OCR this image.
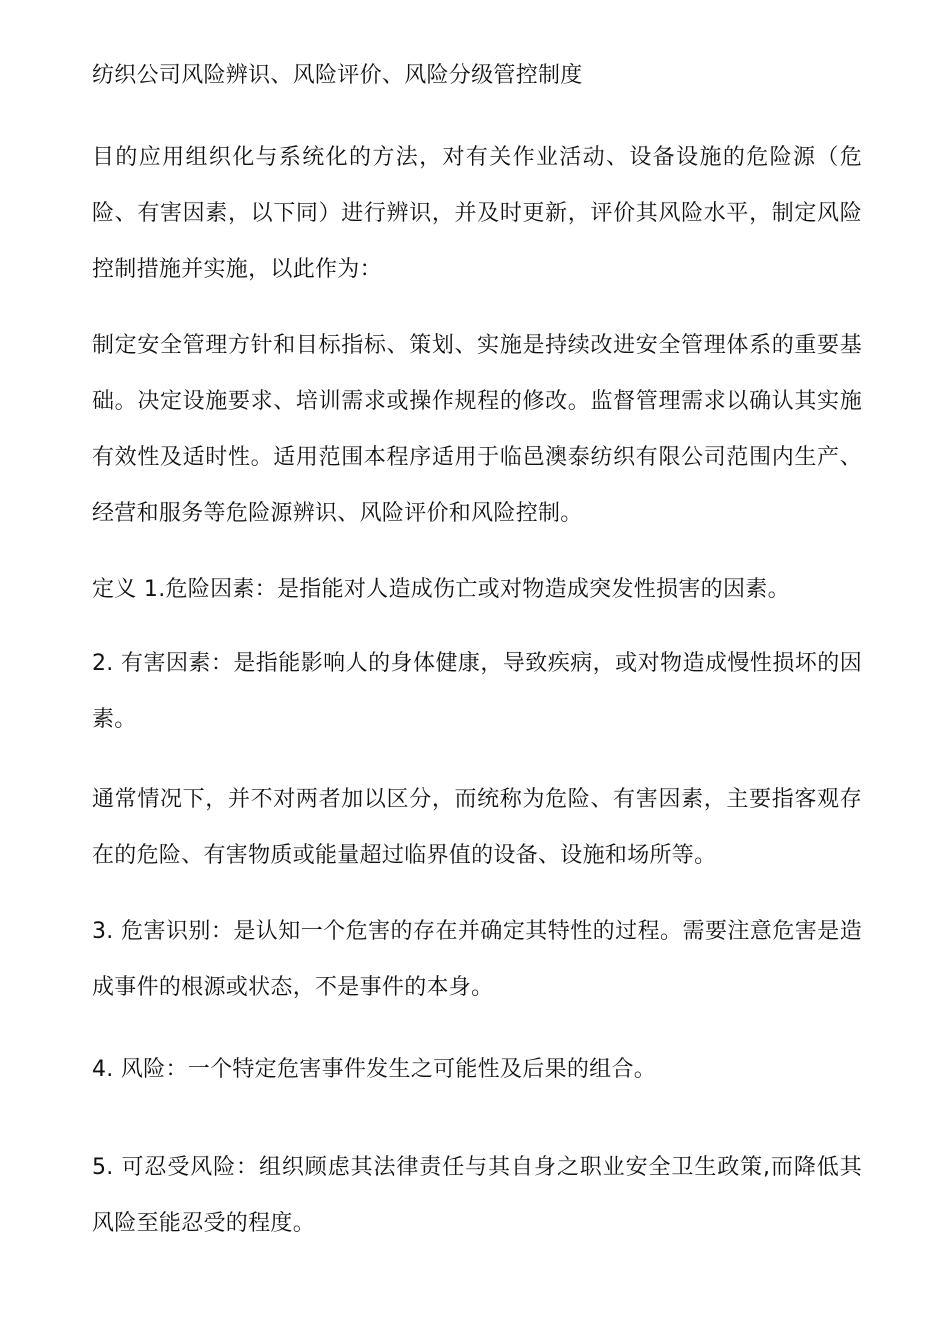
纺织公司风险辨识、风险评价、风险分级管控制度
目的应用组织化与系统化的方法，对有关作业活动、设备设施的危险源（危险、有害因素，以下同）进行辨识，并及时更新，评价其风险水平，制定风险控制措施并实施，以此作为：
制定安全管理方针和目标指标、策划、实施是持续改进安全管理体系的重要基础。决定设施要求、培训需求或操作规程的修改。监督管理需求以确认其实施有效性及适时性。适用范围本程序适用于临邑澳泰纺织有限公司范围内生产、经营和服务等危险源辨识、风险评价和风险控制。
定义 1.危险因素：是指能对人造成伤亡或对物造成突发性损害的因素。
2. 有害因素：是指能影响人的身体健康，导致疾病，或对物造成慢性损坏的因素。
通常情况下，并不对两者加以区分，而统称为危险、有害因素，主要指客观存在的危险、有害物质或能量超过临界值的设备、设施和场所等。
3. 危害识别：是认知一个危害的存在并确定其特性的过程。需要注意危害是造成事件的根源或状态，不是事件的本身。
4. 风险：一个特定危害事件发生之可能性及后果的组合。
5. 可忍受风险：组织顾虑其法律责任与其自身之职业安全卫生政策,而降低其风险至能忍受的程度。
